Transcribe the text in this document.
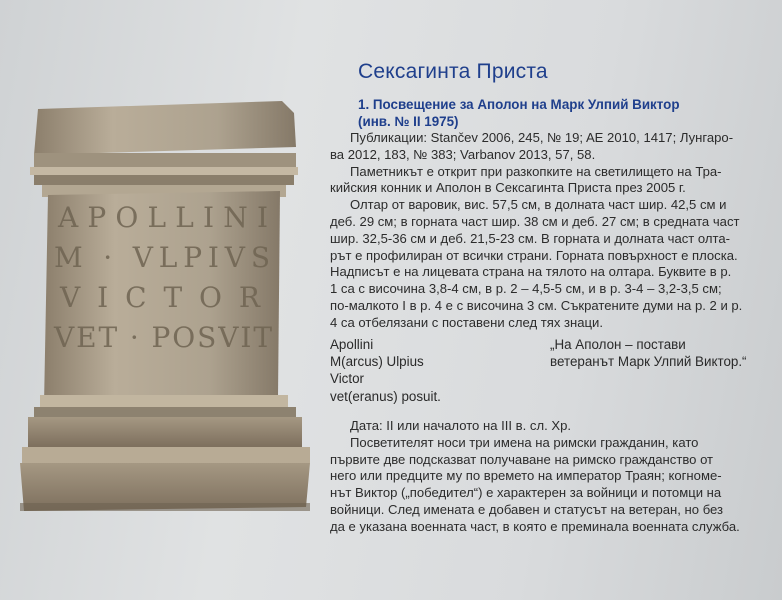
APOLLINI
M · VLPIVS
VICTOR
VET · POSVIT
Сексагинта Приста
1. Посвещение за Аполон на Марк Улпий Виктор
(инв. № II 1975)
Публикации: Stančev 2006, 245, № 19; AE 2010, 1417; Лунгаро-
ва 2012, 183, № 383; Varbanov 2013, 57, 58.
Паметникът е открит при разкопките на светилището на Тра-
кийския конник и Аполон в Сексагинта Приста през 2005 г.
Олтар от варовик, вис. 57,5 см, в долната част шир. 42,5 см и
деб. 29 см; в горната част шир. 38 см и деб. 27 см; в средната част
шир. 32,5-36 см и деб. 21,5-23 см. В горната и долната част олта-
рът е профилиран от всички страни. Горната повърхност е плоска.
Надписът е на лицевата страна на тялото на олтара. Буквите в р.
1 са с височина 3,8-4 см, в р. 2 – 4,5-5 см, и в р. 3-4 – 3,2-3,5 см;
по-малкото I в р. 4 е с височина 3 см. Съкратените думи на р. 2 и р.
4 са отбелязани с поставени след тях знаци.
Apollini
M(arcus) Ulpius
Victor
vet(eranus) posuit.
„На Аполон – постави
ветеранът Марк Улпий Виктор.“
Дата: II или началото на III в. сл. Хр.
Посветителят носи три имена на римски гражданин, като
първите две подсказват получаване на римско гражданство от
него или предците му по времето на император Траян; когноме-
нът Виктор („победител“) е характерен за войници и потомци на
войници. След имената е добавен и статусът на ветеран, но без
да е указана военната част, в която е преминала военната служба.
